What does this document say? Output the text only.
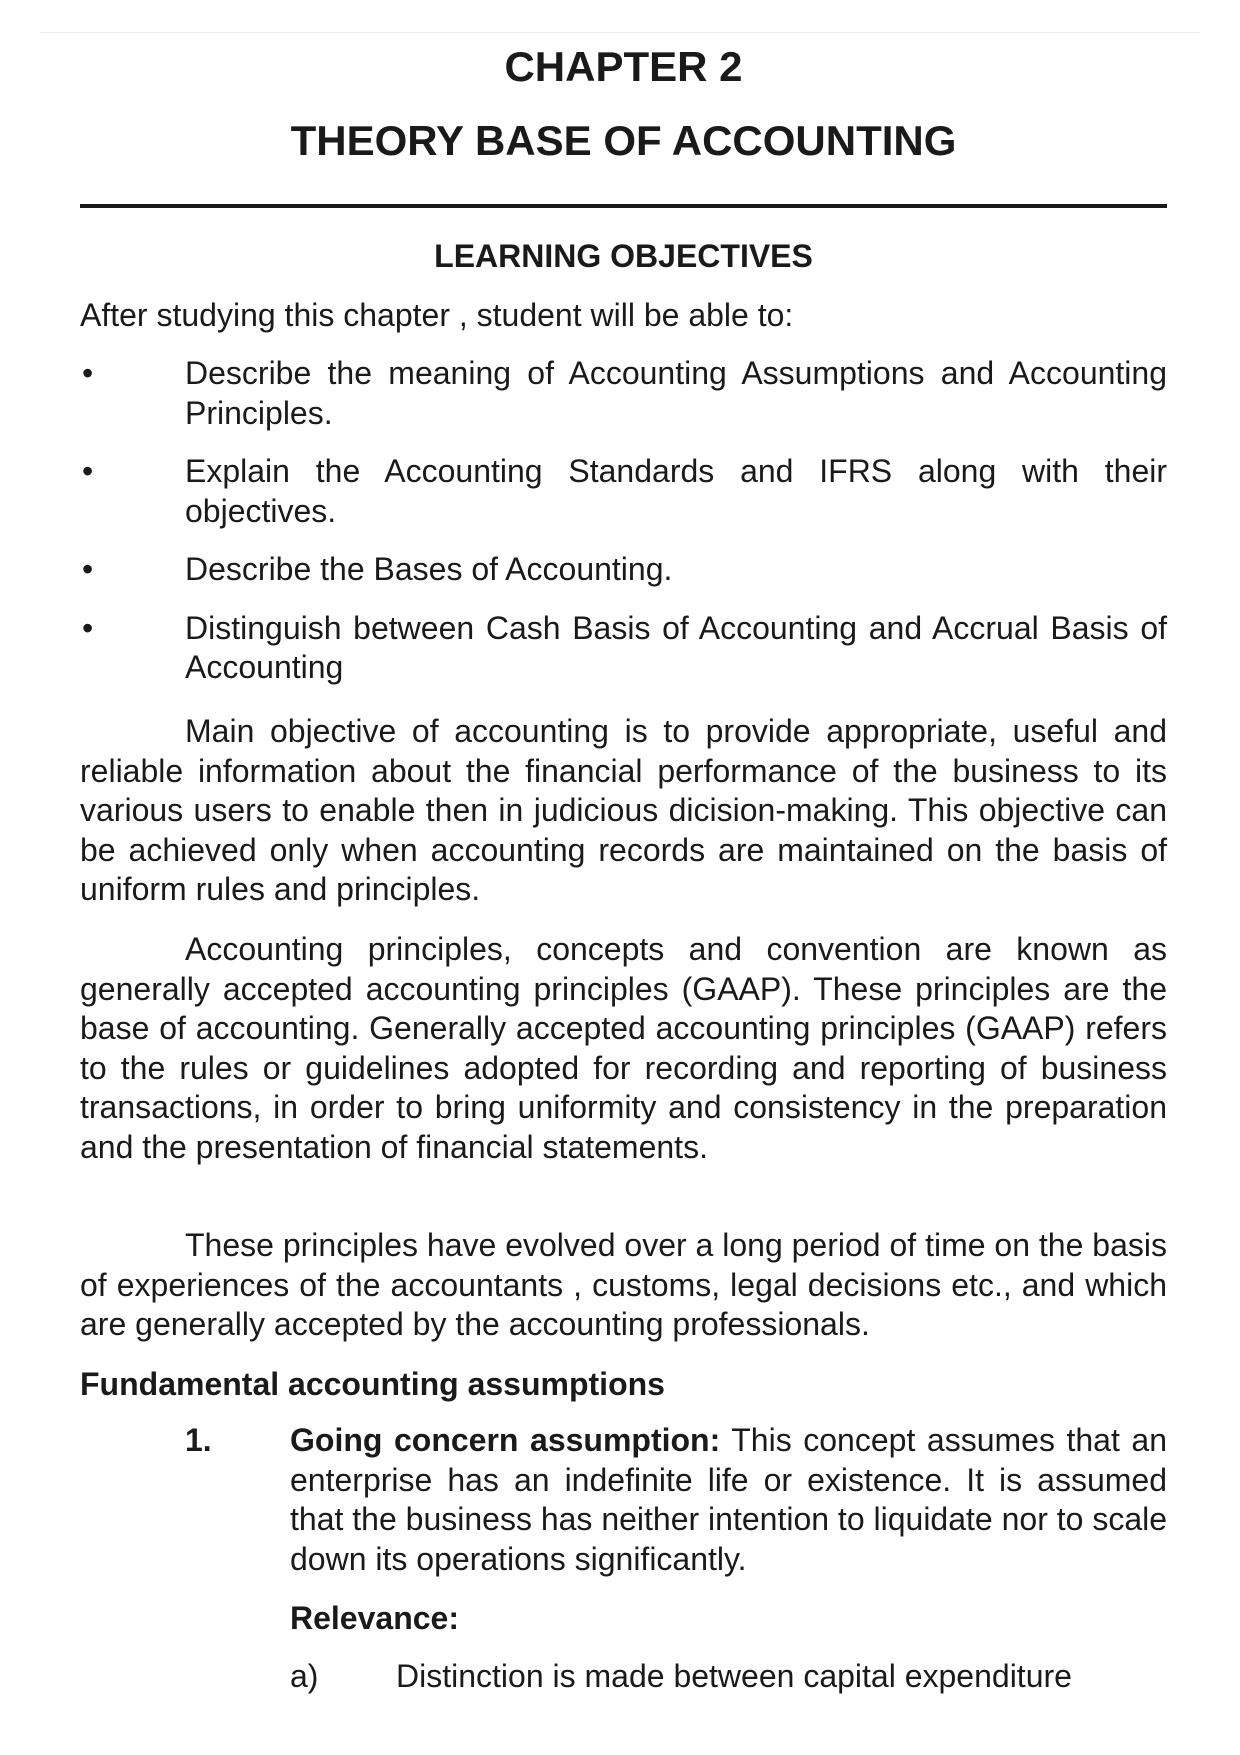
CHAPTER 2
THEORY BASE OF ACCOUNTING
LEARNING OBJECTIVES
After studying this chapter , student will be able to:
•	Describe the meaning of Accounting Assumptions and Accounting Principles.
•	Explain the Accounting Standards and IFRS along with their objectives.
•	Describe the Bases of Accounting.
•	Distinguish between Cash Basis of Accounting and Accrual Basis of Accounting

Main objective of accounting is to provide appropriate, useful and reliable information about the financial performance of the business to its various users to enable then in judicious dicision-making. This objective can be achieved only when accounting records are maintained on the basis of uniform rules and principles.

Accounting principles, concepts and convention are known as generally accepted accounting principles (GAAP). These principles are the base of accounting. Generally accepted accounting principles (GAAP) refers to the rules or guidelines adopted for recording and reporting of business transactions, in order to bring uniformity and consistency in the preparation and the presentation of financial statements.

These principles have evolved over a long period of time on the basis of experiences of the accountants , customs, legal decisions etc., and which are generally accepted by the accounting professionals.

Fundamental accounting assumptions
1. Going concern assumption: This concept assumes that an enterprise has an indefinite life or existence. It is assumed that the business has neither intention to liquidate nor to scale down its operations significantly.
Relevance:
a) Distinction is made between capital expenditure
